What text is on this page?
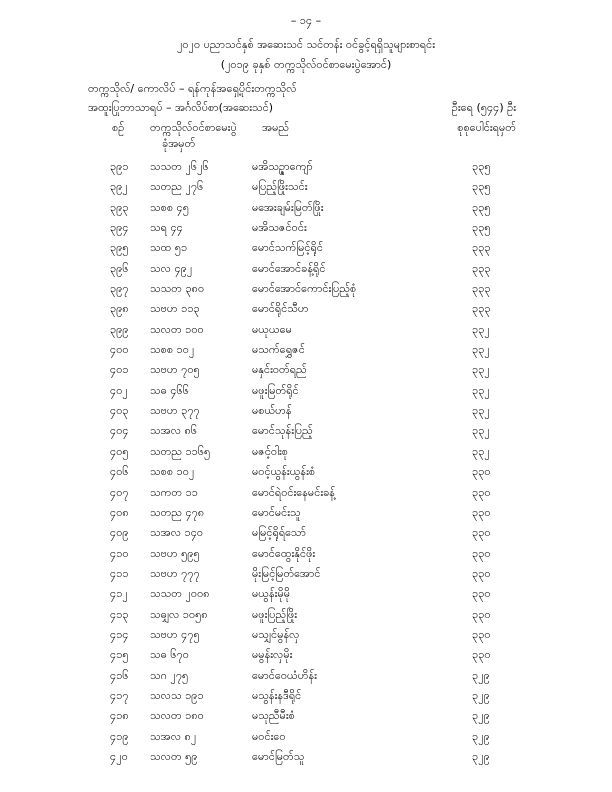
– ၁၄ –
၂၀၂၀ ပညာသင်နှစ် အဆေးသင် သင်တန်း ဝင်ခွင့်ရရှိသူများစာရင်း
(၂၀၁၉ ခုနှစ် တက္ကသိုလ်ဝင်စာမေးပွဲအောင်)
တက္ကသိုလ်/ ကောလိပ် – ရန်ကုန်အရှေ့ပိုင်းတက္ကသိုလ်
အထူးပြုဘာသာရပ် – အင်္ဂလိပ်စာ(အဆေးသင်)	ဦးရေ (၅၄၄) ဦး
စဉ် တက္ကသိုလ်ဝင်စာမေးပွဲ
ခုံအမှတ်
အမည်	စုစုပေါင်းရမှတ်
၃၉၁ သသတ ၂၆၂၆	မအိသဉ္ဇာကျော်	၃၃၅
၃၉၂ သတည ၂၇၆	မပြည့်ဖြိုးသင်း	၃၃၅
၃၉၃ သစစ ၄၅	မအေးချမ်းမြတ်ဖြိုး	၃၃၅
၃၉၄ သရ ၄၄	မအိသဇင်ဝင်း	၃၃၅
၃၉၅ သထ ၅၁	မောင်သက်မြင့်ရိုင်	၃၃၃
၃၉၆ သလ ၄၉၂	မောင်အောင်ခန့်ရိုင်	၃၃၃
၃၉၇ သသတ ၃၈၀	မောင်အောင်ကောင်းပြည့်စုံ	၃၃၃
၃၉၈ သဗဟ ၁၁၃	မောင်ရိုင်သီဟ	၃၃၃
၃၉၉ သလတ ၁၀၀	မယုယမေ	၃၃၂
၄၀၀ သစစ ၁၀၂	မသက်ရွှေဇင်	၃၃၂
၄၀၁ သဗဟ ၇၀၅	မနှင်းဝတ်ရည်	၃၃၂
၄၀၂ သဓ ၄၆၆	မဖူးမြတ်ရိုင်	၃၃၂
၄၀၃ သဗဟ ၃၇၇	မစယ်ဟန်	၃၃၂
၄၀၄ သအလ ၈၆	မောင်သုန်းပြည့်	၃၃၂
၄၀၅ သတည ၁၁၆၅	မဇင့်ဝါးစု	၃၃၂
၄၀၆ သစစ ၁၀၂	မဝင့်ယွန်းယွန်းစံ	၃၃၀
၄၀၇ သကတ ၁၁	မောင်ရဲဝင်းနေမင်းခန့်	၃၃၀
၄၀၈ သတည ၄၇၈	မောင်မင်းသူ	၃၃၀
၄၀၉ သအလ ၁၄၀	မမြင့်ရိုရ်သော်	၃၃၀
၄၁၀ သဗဟ ၅၉၅	မောင်ထွေးနိုင်ဖိုး	၃၃၀
၄၁၁ သဗဟ ၇၇၇	မိုးမြင့်မြတ်အောင်	၃၃၀
၄၁၂ သသတ ၂၀၀၈	မယွန်းမိုမို	၃၃၀
၄၁၃ သဓျှလ ၁၀၅၈	မဖူးပြည့်ဖြိုး	၃၃၀
၄၁၄ သဗဟ ၄၇၅	မသျှင်မွန်လှ	၃၃၀
၄၁၅ သဓ ၆၇၀	မမွန်းလှမိုး	၃၃၀
၄၁၆ သဂ ၂၇၅	မောင်ဝေယံဟိန်း	၃၂၉
၄၁၇ သလသ ၁၉၁	မသွန်းနဒီရိုင်	၃၂၉
၄၁၈ သလတ ၁၈၀	မသုညီမီးစံ	၃၂၉
၄၁၉ သအလ ၈၂	မဝင်းဝေ	၃၂၉
၄၂၀ သလတ ၅၉	မောင်မြတ်သူ	၃၂၉
